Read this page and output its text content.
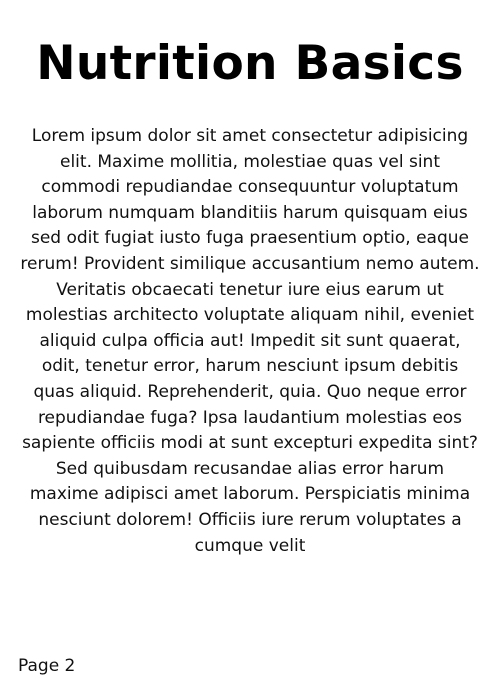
Nutrition Basics

Lorem ipsum dolor sit amet consectetur adipisicing elit. Maxime mollitia, molestiae quas vel sint commodi repudiandae consequuntur voluptatum laborum numquam blanditiis harum quisquam eius sed odit fugiat iusto fuga praesentium optio, eaque rerum! Provident similique accusantium nemo autem. Veritatis obcaecati tenetur iure eius earum ut molestias architecto voluptate aliquam nihil, eveniet aliquid culpa officia aut! Impedit sit sunt quaerat, odit, tenetur error, harum nesciunt ipsum debitis quas aliquid. Reprehenderit, quia. Quo neque error repudiandae fuga? Ipsa laudantium molestias eos sapiente officiis modi at sunt excepturi expedita sint? Sed quibusdam recusandae alias error harum maxime adipisci amet laborum. Perspiciatis minima nesciunt dolorem! Officiis iure rerum voluptates a cumque velit

Page 2
